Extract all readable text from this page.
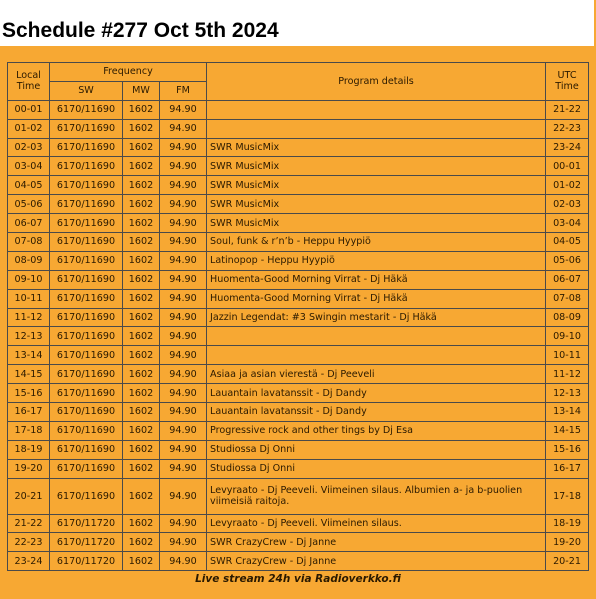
Schedule #277 Oct 5th 2024
Local Time	Frequency			Program details	UTC Time
	SW	MW	FM		
00-01	6170/11690	1602	94.90		21-22
01-02	6170/11690	1602	94.90		22-23
02-03	6170/11690	1602	94.90	SWR MusicMix	23-24
03-04	6170/11690	1602	94.90	SWR MusicMix	00-01
04-05	6170/11690	1602	94.90	SWR MusicMix	01-02
05-06	6170/11690	1602	94.90	SWR MusicMix	02-03
06-07	6170/11690	1602	94.90	SWR MusicMix	03-04
07-08	6170/11690	1602	94.90	Soul, funk & r’n’b - Heppu Hyypiö	04-05
08-09	6170/11690	1602	94.90	Latinopop - Heppu Hyypiö	05-06
09-10	6170/11690	1602	94.90	Huomenta-Good Morning Virrat - Dj Häkä	06-07
10-11	6170/11690	1602	94.90	Huomenta-Good Morning Virrat - Dj Häkä	07-08
11-12	6170/11690	1602	94.90	Jazzin Legendat: #3 Swingin mestarit - Dj Häkä	08-09
12-13	6170/11690	1602	94.90		09-10
13-14	6170/11690	1602	94.90		10-11
14-15	6170/11690	1602	94.90	Asiaa ja asian vierestä - Dj Peeveli	11-12
15-16	6170/11690	1602	94.90	Lauantain lavatanssit - Dj Dandy	12-13
16-17	6170/11690	1602	94.90	Lauantain lavatanssit - Dj Dandy	13-14
17-18	6170/11690	1602	94.90	Progressive rock and other tings by Dj Esa	14-15
18-19	6170/11690	1602	94.90	Studiossa Dj Onni	15-16
19-20	6170/11690	1602	94.90	Studiossa Dj Onni	16-17
20-21	6170/11690	1602	94.90	Levyraato - Dj Peeveli. Viimeinen silaus. Albumien a- ja b-puolien viimeisiä raitoja.	17-18
21-22	6170/11720	1602	94.90	Levyraato - Dj Peeveli. Viimeinen silaus.	18-19
22-23	6170/11720	1602	94.90	SWR CrazyCrew - Dj Janne	19-20
23-24	6170/11720	1602	94.90	SWR CrazyCrew - Dj Janne	20-21
Live stream 24h via Radioverkko.fi
